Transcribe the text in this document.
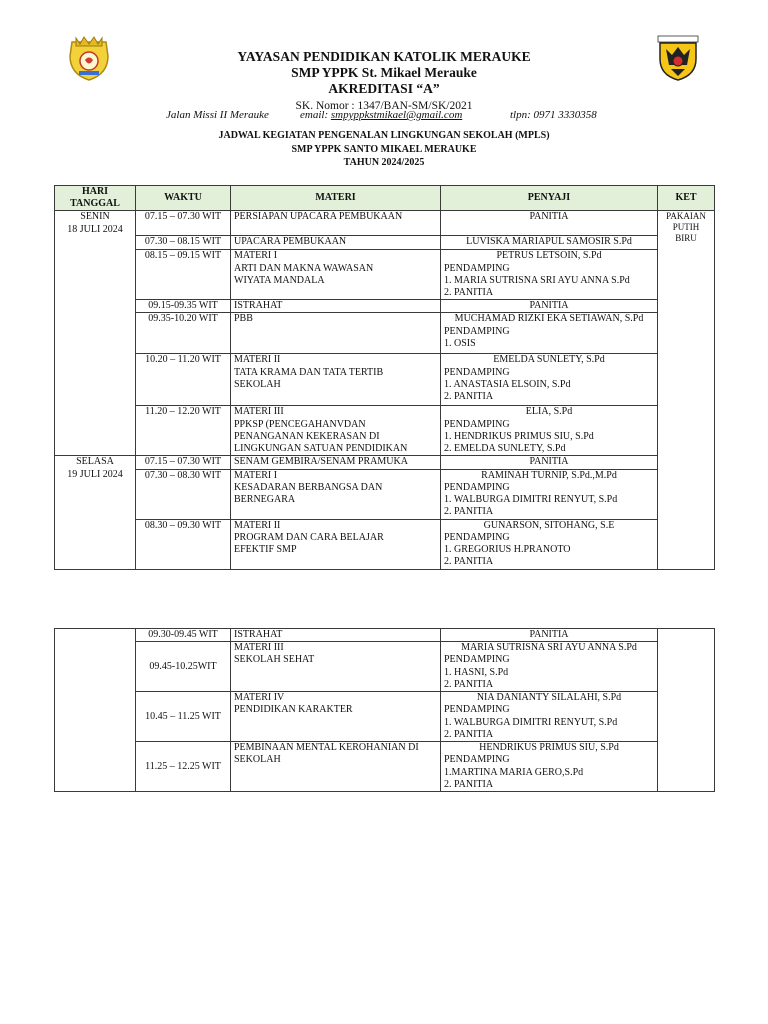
YAYASAN PENDIDIKAN KATOLIK MERAUKE
SMP YPPK St. Mikael Merauke
AKREDITASI “A”
SK. Nomor : 1347/BAN-SM/SK/2021
Jalan Missi II Merauke	email: smpyppkstmikael@gmail.com	tlpn: 0971 3330358
JADWAL KEGIATAN PENGENALAN LINGKUNGAN SEKOLAH (MPLS)
SMP YPPK SANTO MIKAEL MERAUKE
TAHUN 2024/2025
HARI
TANGGAL	WAKTU	MATERI	PENYAJI	KET

SENIN
18 JULI 2024	07.15 – 07.30 WIT	PERSIAPAN UPACARA PEMBUKAAN	PANITIA	PAKAIAN
PUTIH
BIRU

	07.30 – 08.15 WIT	UPACARA PEMBUKAAN	LUVISKA MARIAPUL SAMOSIR S.Pd	

	08.15 – 09.15 WIT	MATERI I
ARTI DAN MAKNA WAWASAN
WIYATA MANDALA	PETRUS LETSOIN, S.Pd
PENDAMPING
1. MARIA SUTRISNA SRI AYU ANNA S.Pd
2. PANITIA	

	09.15-09.35 WIT	ISTRAHAT	PANITIA	

	09.35-10.20 WIT	PBB	MUCHAMAD RIZKI EKA SETIAWAN, S.Pd
PENDAMPING
1. OSIS	

	10.20 – 11.20 WIT	MATERI II
TATA KRAMA DAN TATA TERTIB
SEKOLAH	EMELDA SUNLETY, S.Pd
PENDAMPING
1. ANASTASIA ELSOIN, S.Pd
2. PANITIA	

	11.20 – 12.20 WIT	MATERI III
PPKSP (PENCEGAHANVDAN
PENANGANAN KEKERASAN DI
LINGKUNGAN SATUAN PENDIDIKAN	ELIA, S.Pd
PENDAMPING
1. HENDRIKUS PRIMUS SIU, S.Pd
2. EMELDA SUNLETY, S.Pd	

SELASA
19 JULI 2024	07.15 – 07.30 WIT	SENAM GEMBIRA/SENAM PRAMUKA	PANITIA	

	07.30 – 08.30 WIT	MATERI I
KESADARAN BERBANGSA DAN
BERNEGARA	RAMINAH TURNIP, S.Pd.,M.Pd
PENDAMPING
1. WALBURGA DIMITRI RENYUT, S.Pd
2. PANITIA	

	08.30 – 09.30 WIT	MATERI II
PROGRAM DAN CARA BELAJAR
EFEKTIF SMP	GUNARSON, SITOHANG, S.E
PENDAMPING
1. GREGORIUS H.PRANOTO
2. PANITIA	
	09.30-09.45 WIT	ISTRAHAT	PANITIA	

	09.45-10.25WIT	MATERI III
SEKOLAH SEHAT	MARIA SUTRISNA SRI AYU ANNA S.Pd
PENDAMPING
1. HASNI, S.Pd
2. PANITIA	

	10.45 – 11.25 WIT	MATERI IV
PENDIDIKAN KARAKTER	NIA DANIANTY SILALAHI, S.Pd
PENDAMPING
1. WALBURGA DIMITRI RENYUT, S.Pd
2. PANITIA	

	11.25 – 12.25 WIT	PEMBINAAN MENTAL KEROHANIAN DI
SEKOLAH	HENDRIKUS PRIMUS SIU, S.Pd
PENDAMPING
1.MARTINA MARIA GERO,S.Pd
2. PANITIA	
